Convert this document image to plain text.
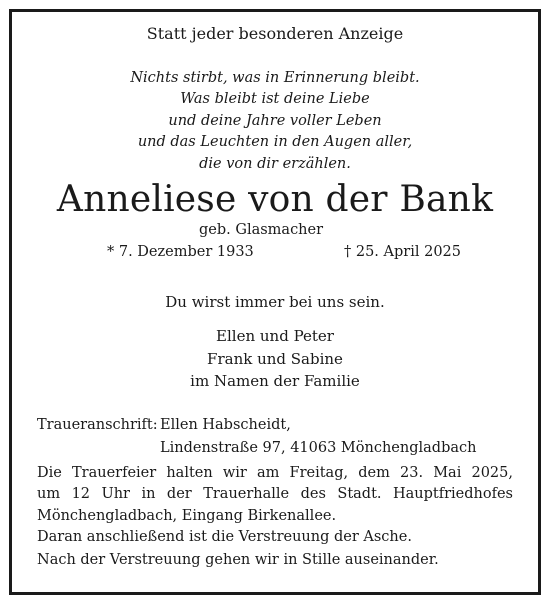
Statt jeder besonderen Anzeige
Nichts stirbt, was in Erinnerung bleibt.
Was bleibt ist deine Liebe
und deine Jahre voller Leben
und das Leuchten in den Augen aller,
die von dir erzählen.
Anneliese von der Bank
geb. Glasmacher
* 7. Dezember 1933	† 25. April 2025
Du wirst immer bei uns sein.
Ellen und Peter
Frank und Sabine
im Namen der Familie
Traueranschrift: Ellen Habscheidt,
Lindenstraße 97, 41063 Mönchengladbach
Die Trauerfeier halten wir am Freitag, dem 23. Mai 2025,
um 12 Uhr in der Trauerhalle des Stadt. Hauptfriedhofes
Mönchengladbach, Eingang Birkenallee.
Daran anschließend ist die Verstreuung der Asche.
Nach der Verstreuung gehen wir in Stille auseinander.
